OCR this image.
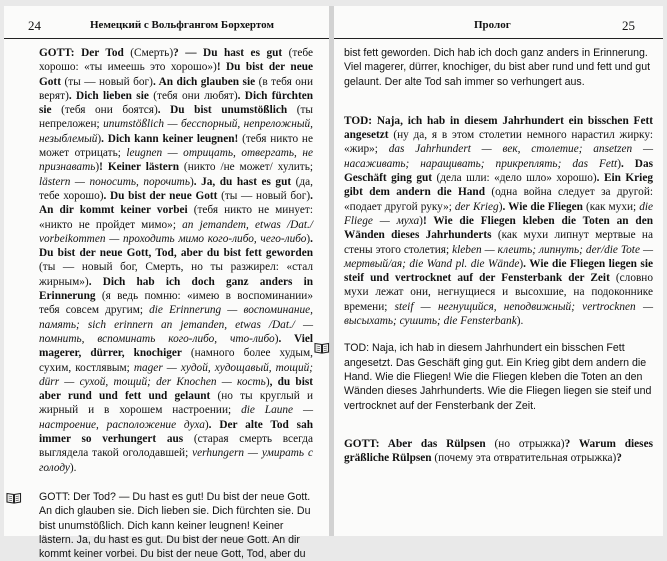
24	Немецкий с Вольфгангом Борхертом
GOTT: Der Tod (Смерть)? — Du hast es gut (тебе хорошо: «ты имеешь это хорошо»)! Du bist der neue Gott (ты — новый бог). An dich glauben sie (в тебя они верят). Dich lieben sie (тебя они любят). Dich fürchten sie (тебя они боятся). Du bist unumstößlich (ты непреложен; unumstößlich — бесспорный, непреложный, незыблемый). Dich kann keiner leugnen! (тебя никто не может отрицать; leugnen — отрицать, отвергать, не признавать)! Keiner lästern (никто /не может/ хулить; lästern — поносить, порочить). Ja, du hast es gut (да, тебе хорошо). Du bist der neue Gott (ты — новый бог). An dir kommt keiner vorbei (тебя никто не минует: «никто не пройдет мимо»; an jemandem, etwas /Dat./ vorbeikommen — проходить мимо кого-либо, чего-либо). Du bist der neue Gott, Tod, aber du bist fett geworden (ты — новый бог, Смерть, но ты разжирел: «стал жирным»). Dich hab ich doch ganz anders in Erinnerung (я ведь помню: «имею в воспоминании» тебя совсем другим; die Erinnerung — воспоминание, память; sich erinnern an jemanden, etwas /Dat./ — помнить, вспоминать кого-либо, что-либо). Viel magerer, dürrer, knochiger (намного более худым, сухим, костлявым; mager — худой, худощавый, тощий; dürr — сухой, тощий; der Knochen — кость), du bist aber rund und fett und gelaunt (но ты круглый и жирный и в хорошем настроении; die Laune — настроение, расположение духа). Der alte Tod sah immer so verhungert aus (старая смерть всегда выглядела такой оголодавшей; verhungern — умирать с голоду).
GOTT: Der Tod? — Du hast es gut! Du bist der neue Gott. An dich glauben sie. Dich lieben sie. Dich fürchten sie. Du bist unumstößlich. Dich kann keiner leugnen! Keiner lästern. Ja, du hast es gut. Du bist der neue Gott. An dir kommt keiner vorbei. Du bist der neue Gott, Tod, aber du
Пролог	25
bist fett geworden. Dich hab ich doch ganz anders in Erinnerung. Viel magerer, dürrer, knochiger, du bist aber rund und fett und gut gelaunt. Der alte Tod sah immer so verhungert aus.
TOD: Naja, ich hab in diesem Jahrhundert ein bisschen Fett angesetzt (ну да, я в этом столетии немного нарастил жирку: «жир»; das Jahrhundert — век, столетие; ansetzen — насаживать; наращивать; прикреплять; das Fett). Das Geschäft ging gut (дела шли: «дело шло» хорошо). Ein Krieg gibt dem andern die Hand (одна война следует за другой: «подает другой руку»; der Krieg). Wie die Fliegen (как мухи; die Fliege — муха)! Wie die Fliegen kleben die Toten an den Wänden dieses Jahrhunderts (как мухи липнут мертвые на стены этого столетия; kleben — клеить; липнуть; der/die Tote — мертвый/ая; die Wand pl. die Wände). Wie die Fliegen liegen sie steif und vertrocknet auf der Fensterbank der Zeit (словно мухи лежат они, негнущиеся и высохшие, на подоконнике времени; steif — негнущийся, неподвижный; vertrocknen — высыхать; сушить; die Fensterbank).
TOD: Naja, ich hab in diesem Jahrhundert ein bisschen Fett angesetzt. Das Geschäft ging gut. Ein Krieg gibt dem andern die Hand. Wie die Fliegen! Wie die Fliegen kleben die Toten an den Wänden dieses Jahrhunderts. Wie die Fliegen liegen sie steif und vertrocknet auf der Fensterbank der Zeit.
GOTT: Aber das Rülpsen (но отрыжка)? Warum dieses gräßliche Rülpsen (почему эта отвратительная отрыжка)?
